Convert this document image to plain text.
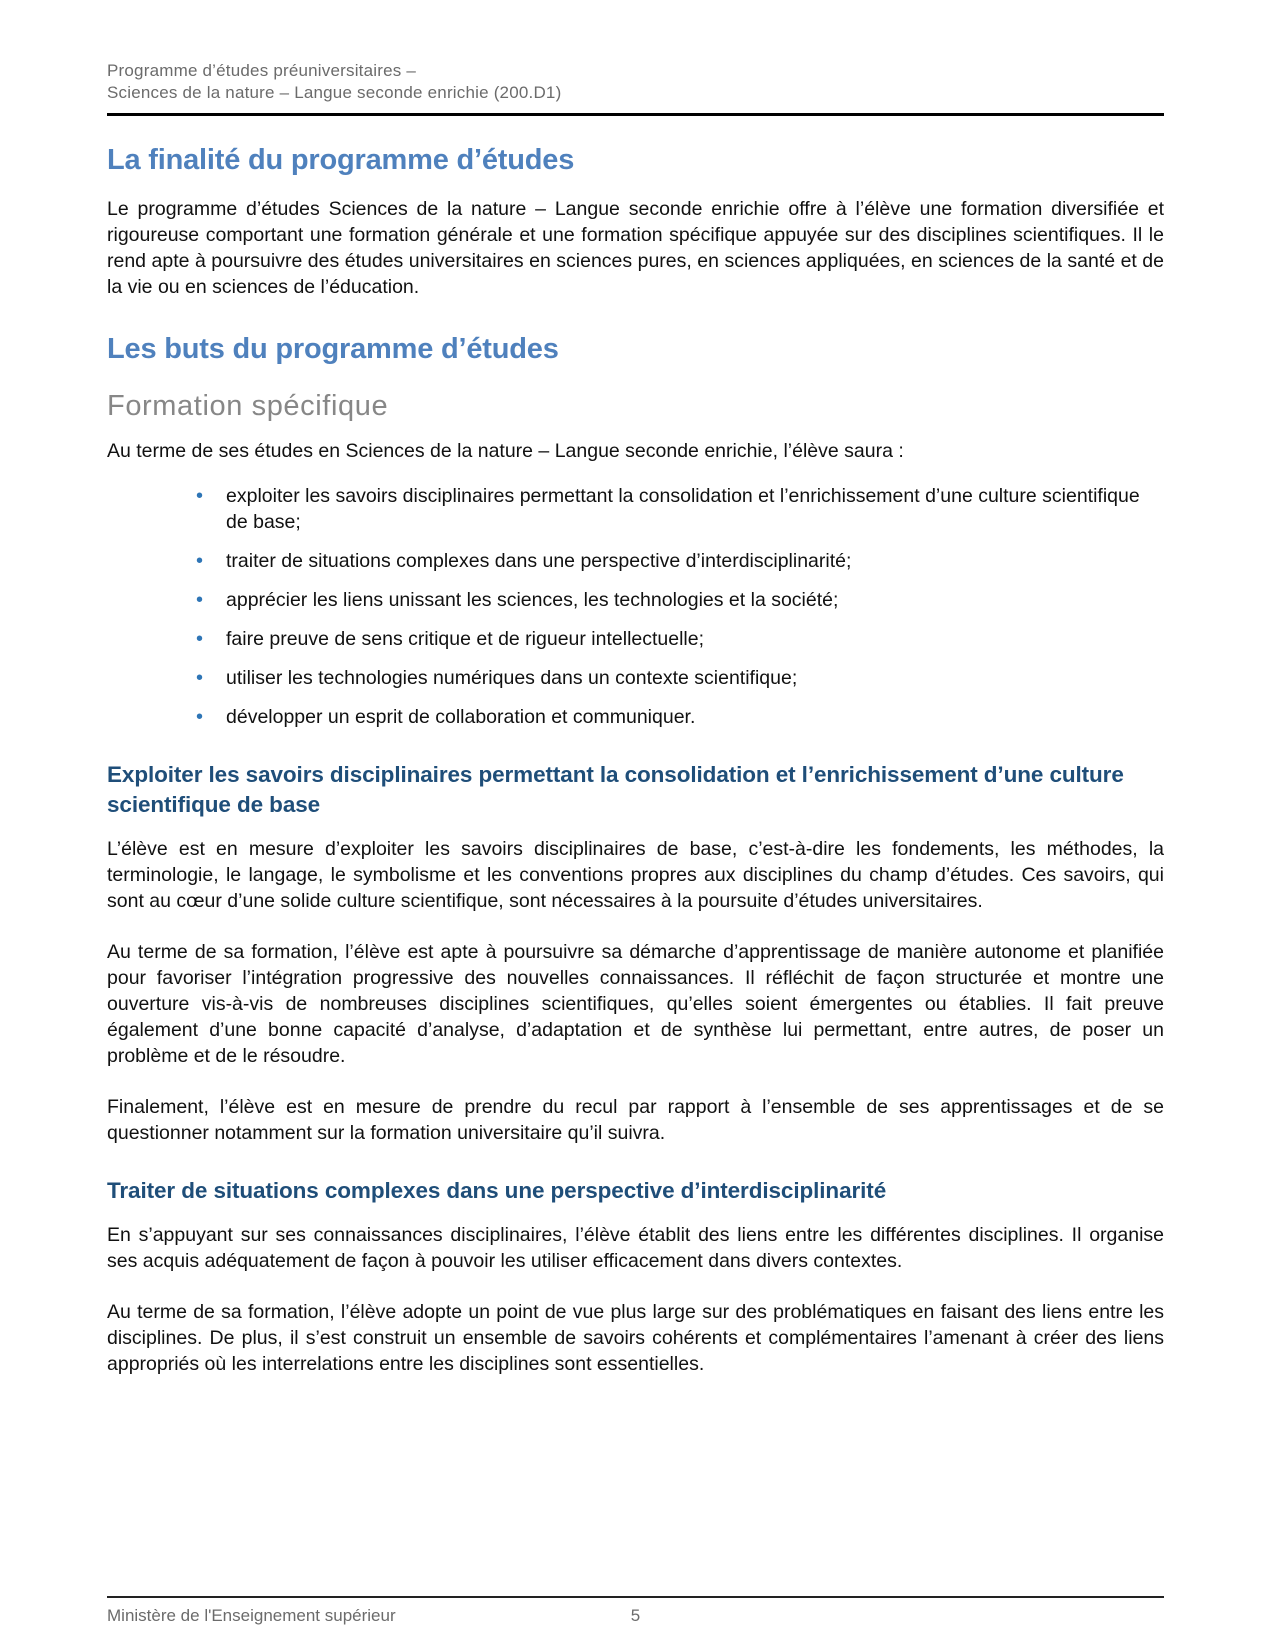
Programme d’études préuniversitaires –
Sciences de la nature – Langue seconde enrichie (200.D1)
La finalité du programme d’études

Le programme d’études Sciences de la nature – Langue seconde enrichie offre à l’élève une formation diversifiée et rigoureuse comportant une formation générale et une formation spécifique appuyée sur des disciplines scientifiques. Il le rend apte à poursuivre des études universitaires en sciences pures, en sciences appliquées, en sciences de la santé et de la vie ou en sciences de l’éducation.

Les buts du programme d’études
Formation spécifique

Au terme de ses études en Sciences de la nature – Langue seconde enrichie, l’élève saura :

• exploiter les savoirs disciplinaires permettant la consolidation et l’enrichissement d’une culture scientifique de base;
• traiter de situations complexes dans une perspective d’interdisciplinarité;
• apprécier les liens unissant les sciences, les technologies et la société;
• faire preuve de sens critique et de rigueur intellectuelle;
• utiliser les technologies numériques dans un contexte scientifique;
• développer un esprit de collaboration et communiquer.
Exploiter les savoirs disciplinaires permettant la consolidation et l’enrichissement d’une culture scientifique de base

L’élève est en mesure d’exploiter les savoirs disciplinaires de base, c’est-à-dire les fondements, les méthodes, la terminologie, le langage, le symbolisme et les conventions propres aux disciplines du champ d’études. Ces savoirs, qui sont au cœur d’une solide culture scientifique, sont nécessaires à la poursuite d’études universitaires.

Au terme de sa formation, l’élève est apte à poursuivre sa démarche d’apprentissage de manière autonome et planifiée pour favoriser l’intégration progressive des nouvelles connaissances. Il réfléchit de façon structurée et montre une ouverture vis-à-vis de nombreuses disciplines scientifiques, qu’elles soient émergentes ou établies. Il fait preuve également d’une bonne capacité d’analyse, d’adaptation et de synthèse lui permettant, entre autres, de poser un problème et de le résoudre.

Finalement, l’élève est en mesure de prendre du recul par rapport à l’ensemble de ses apprentissages et de se questionner notamment sur la formation universitaire qu’il suivra.

Traiter de situations complexes dans une perspective d’interdisciplinarité

En s’appuyant sur ses connaissances disciplinaires, l’élève établit des liens entre les différentes disciplines. Il organise ses acquis adéquatement de façon à pouvoir les utiliser efficacement dans divers contextes.

Au terme de sa formation, l’élève adopte un point de vue plus large sur des problématiques en faisant des liens entre les disciplines. De plus, il s’est construit un ensemble de savoirs cohérents et complémentaires l’amenant à créer des liens appropriés où les interrelations entre les disciplines sont essentielles.

Ministère de l'Enseignement supérieur	5
